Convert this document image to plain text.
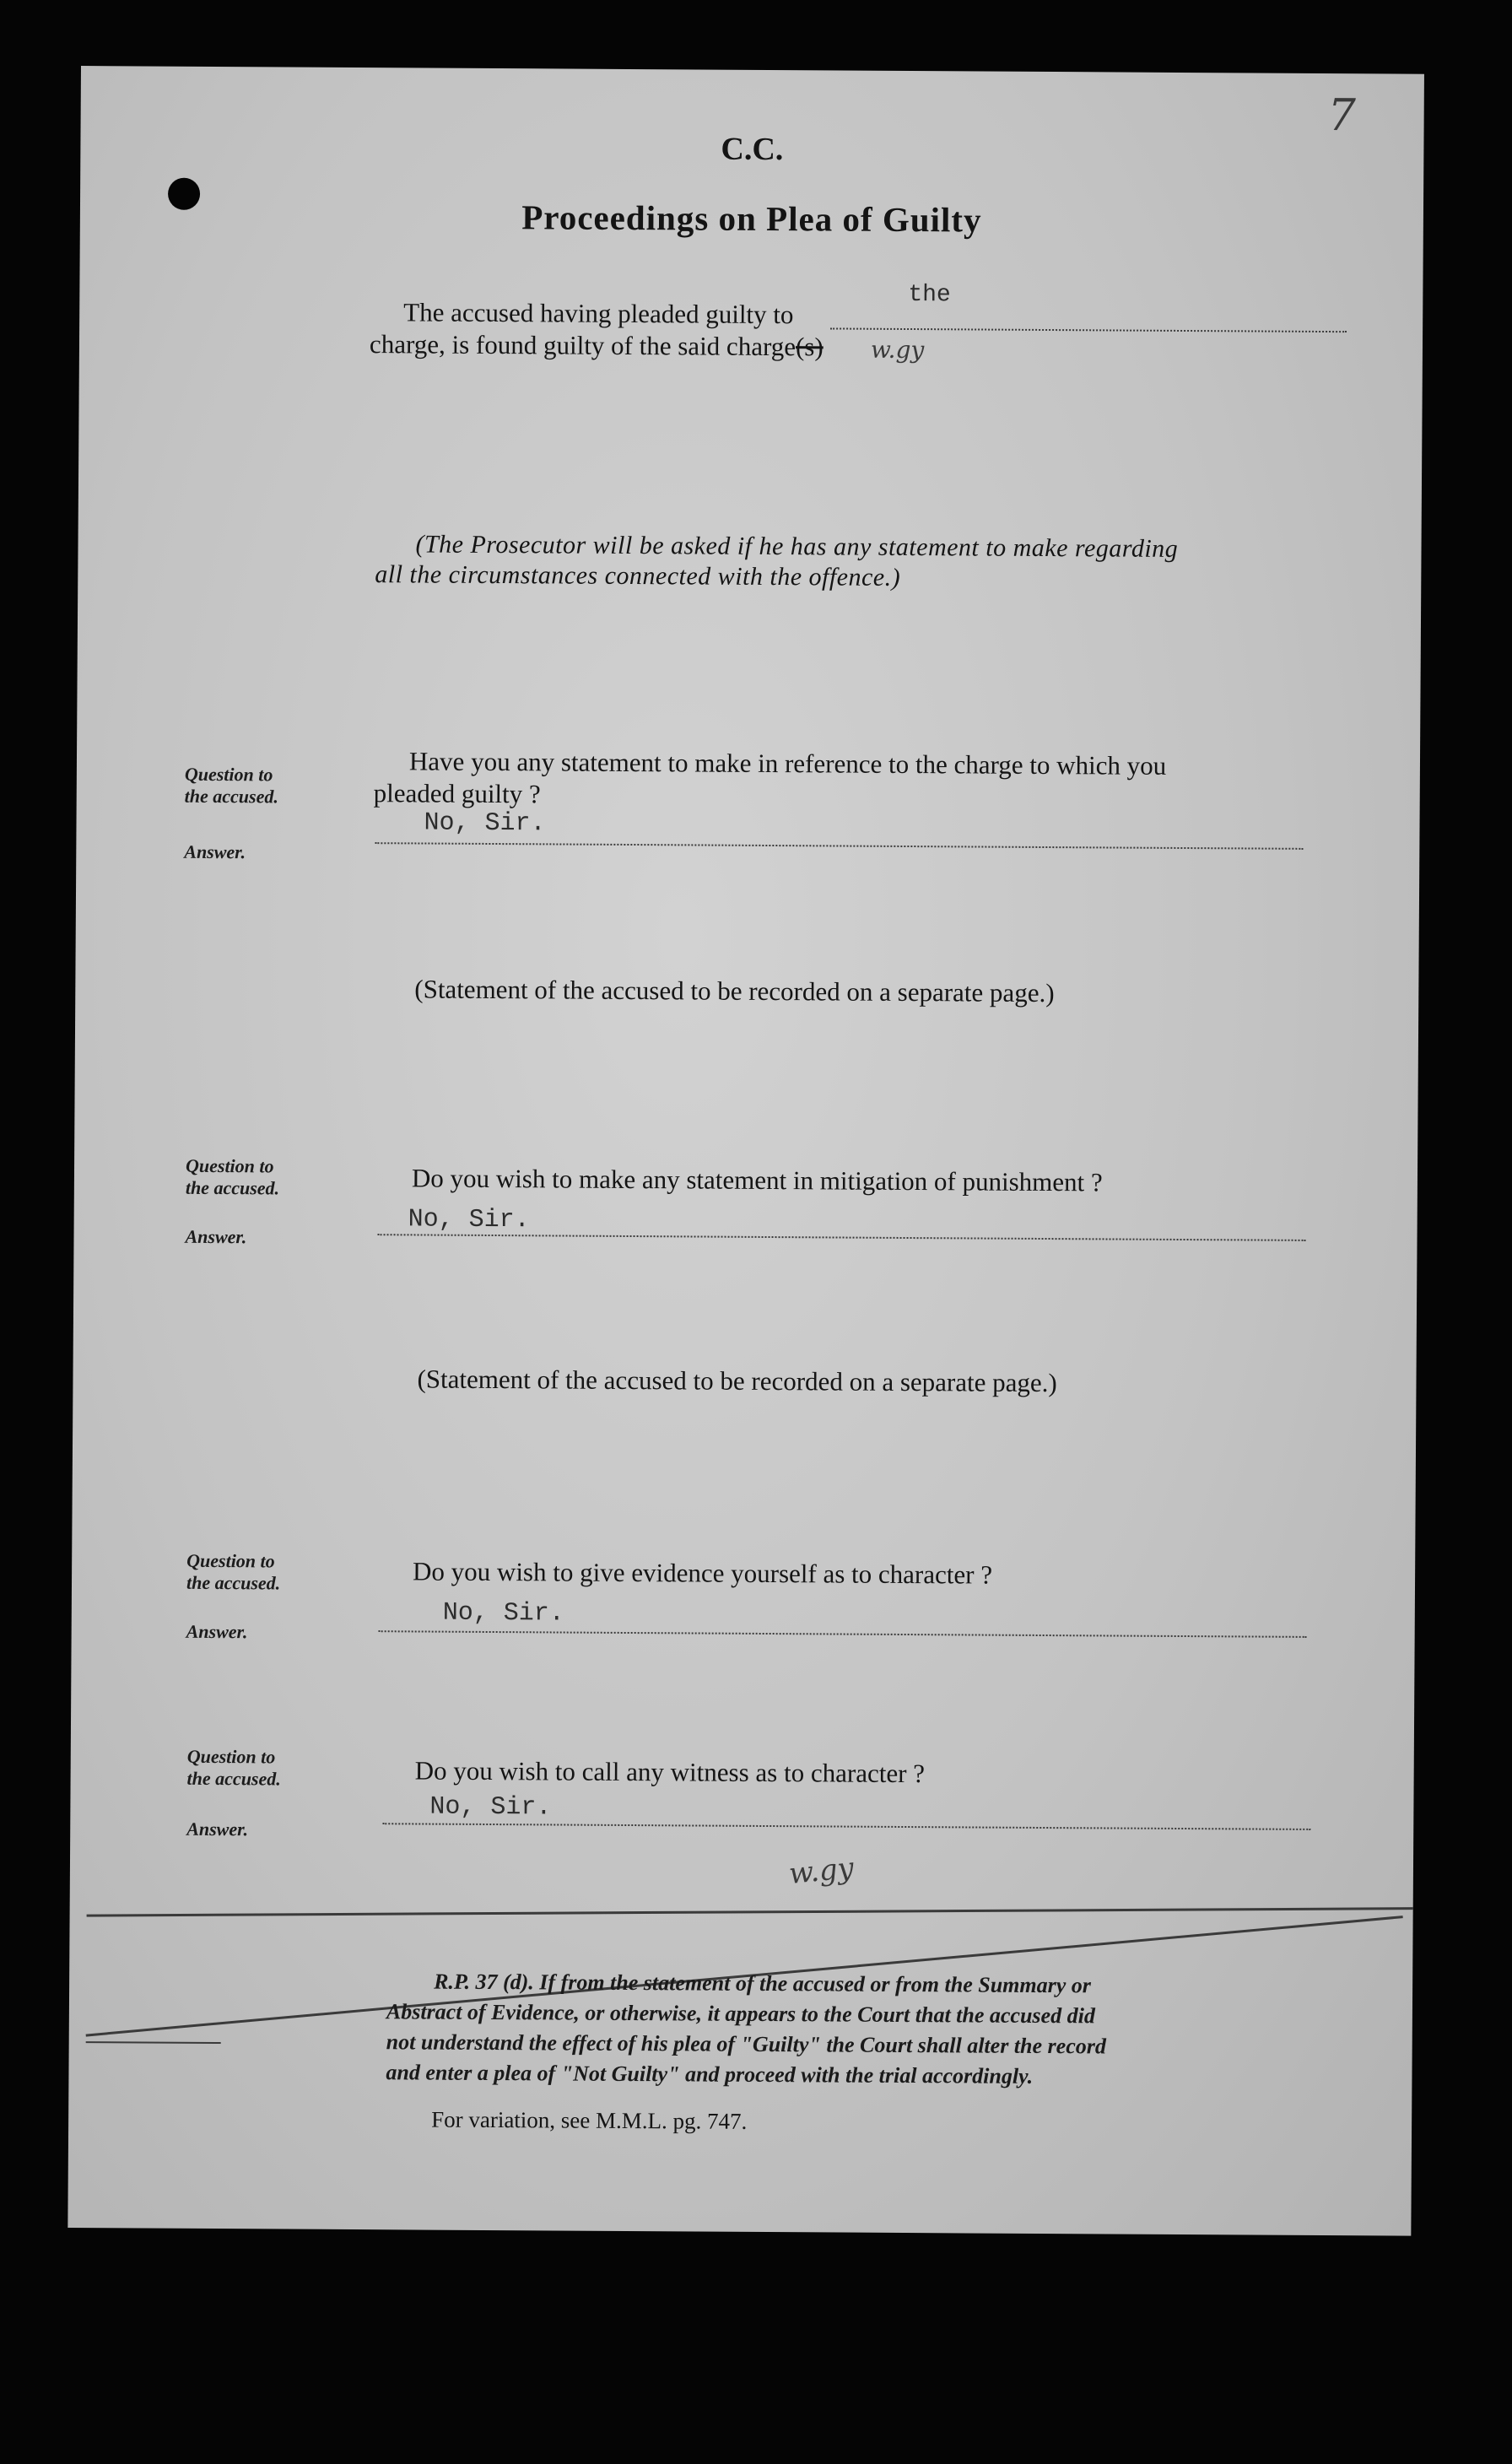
7
C.C.
Proceedings on Plea of Guilty
The accused having pleaded guilty to
the
charge, is found guilty of the said charge(s) w.gy
(The Prosecutor will be asked if he has any statement to make regarding
all the circumstances connected with the offence.)
Question to
the accused.
Answer.
Have you any statement to make in reference to the charge to which you
pleaded guilty ?
No, Sir.
(Statement of the accused to be recorded on a separate page.)
Question to
the accused.
Answer.
Do you wish to make any statement in mitigation of punishment ?
No, Sir.
(Statement of the accused to be recorded on a separate page.)
Question to
the accused.
Answer.
Do you wish to give evidence yourself as to character ?
No, Sir.
Question to
the accused.
Answer.
Do you wish to call any witness as to character ?
No, Sir.
w.gy
R.P. 37 (d). If from the statement of the accused or from the Summary or
Abstract of Evidence, or otherwise, it appears to the Court that the accused did
not understand the effect of his plea of "Guilty" the Court shall alter the record
and enter a plea of "Not Guilty" and proceed with the trial accordingly.
For variation, see M.M.L. pg. 747.
